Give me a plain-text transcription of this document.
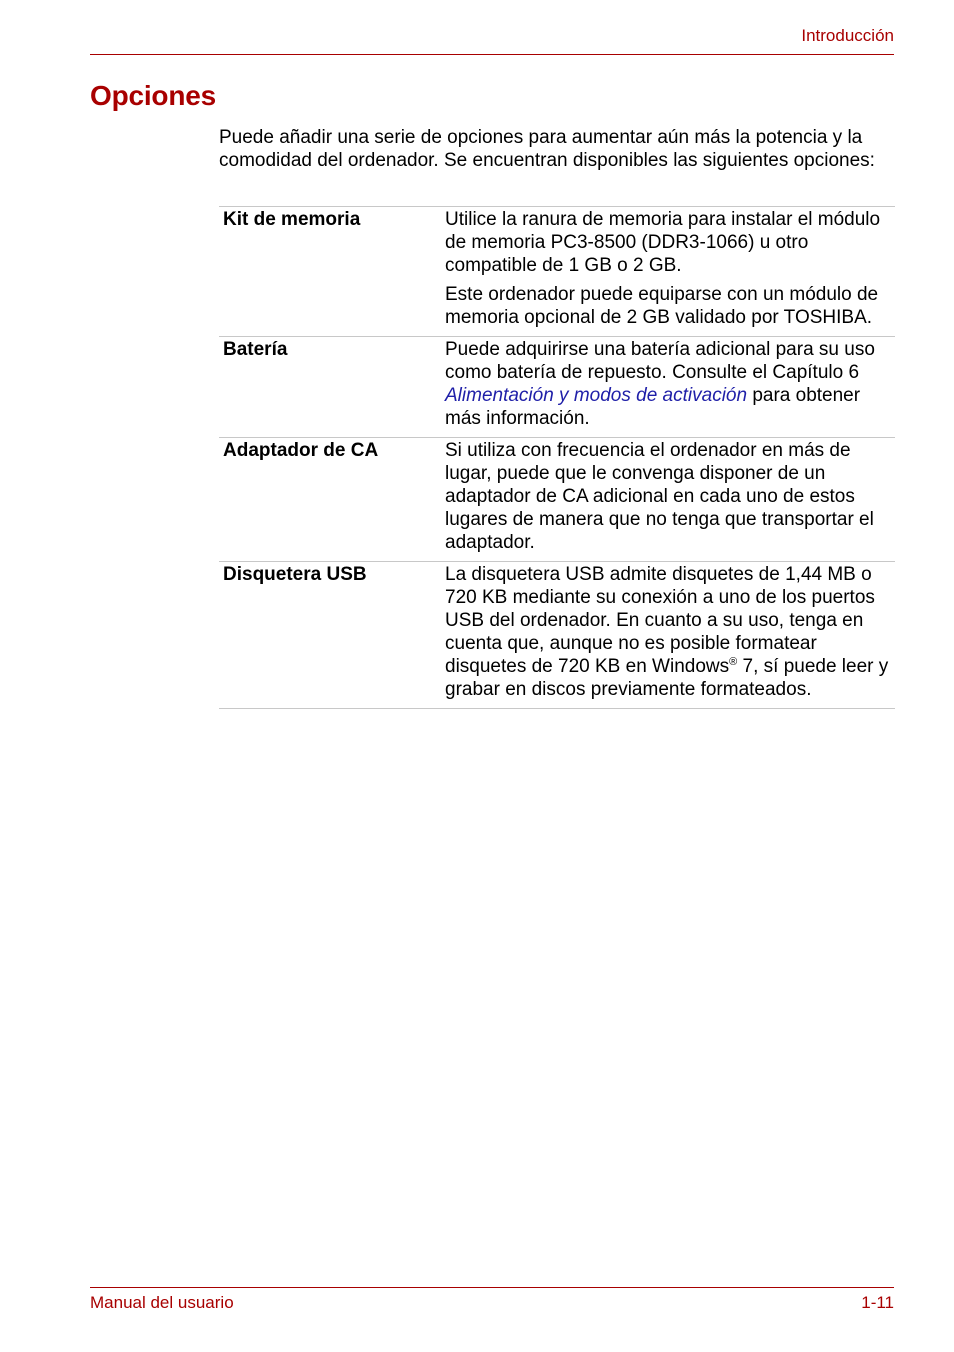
Introducción
Opciones

Puede añadir una serie de opciones para aumentar aún más la potencia y la comodidad del ordenador. Se encuentran disponibles las siguientes opciones:

Kit de memoria	Utilice la ranura de memoria para instalar el módulo de memoria PC3-8500 (DDR3-1066) u otro compatible de 1 GB o 2 GB.

Este ordenador puede equiparse con un módulo de memoria opcional de 2 GB validado por TOSHIBA.

Batería	Puede adquirirse una batería adicional para su uso como batería de repuesto. Consulte el Capítulo 6 Alimentación y modos de activación para obtener más información.

Adaptador de CA	Si utiliza con frecuencia el ordenador en más de lugar, puede que le convenga disponer de un adaptador de CA adicional en cada uno de estos lugares de manera que no tenga que transportar el adaptador.

Disquetera USB	La disquetera USB admite disquetes de 1,44 MB o 720 KB mediante su conexión a uno de los puertos USB del ordenador. En cuanto a su uso, tenga en cuenta que, aunque no es posible formatear disquetes de 720 KB en Windows® 7, sí puede leer y grabar en discos previamente formateados.

Manual del usuario	1-11
